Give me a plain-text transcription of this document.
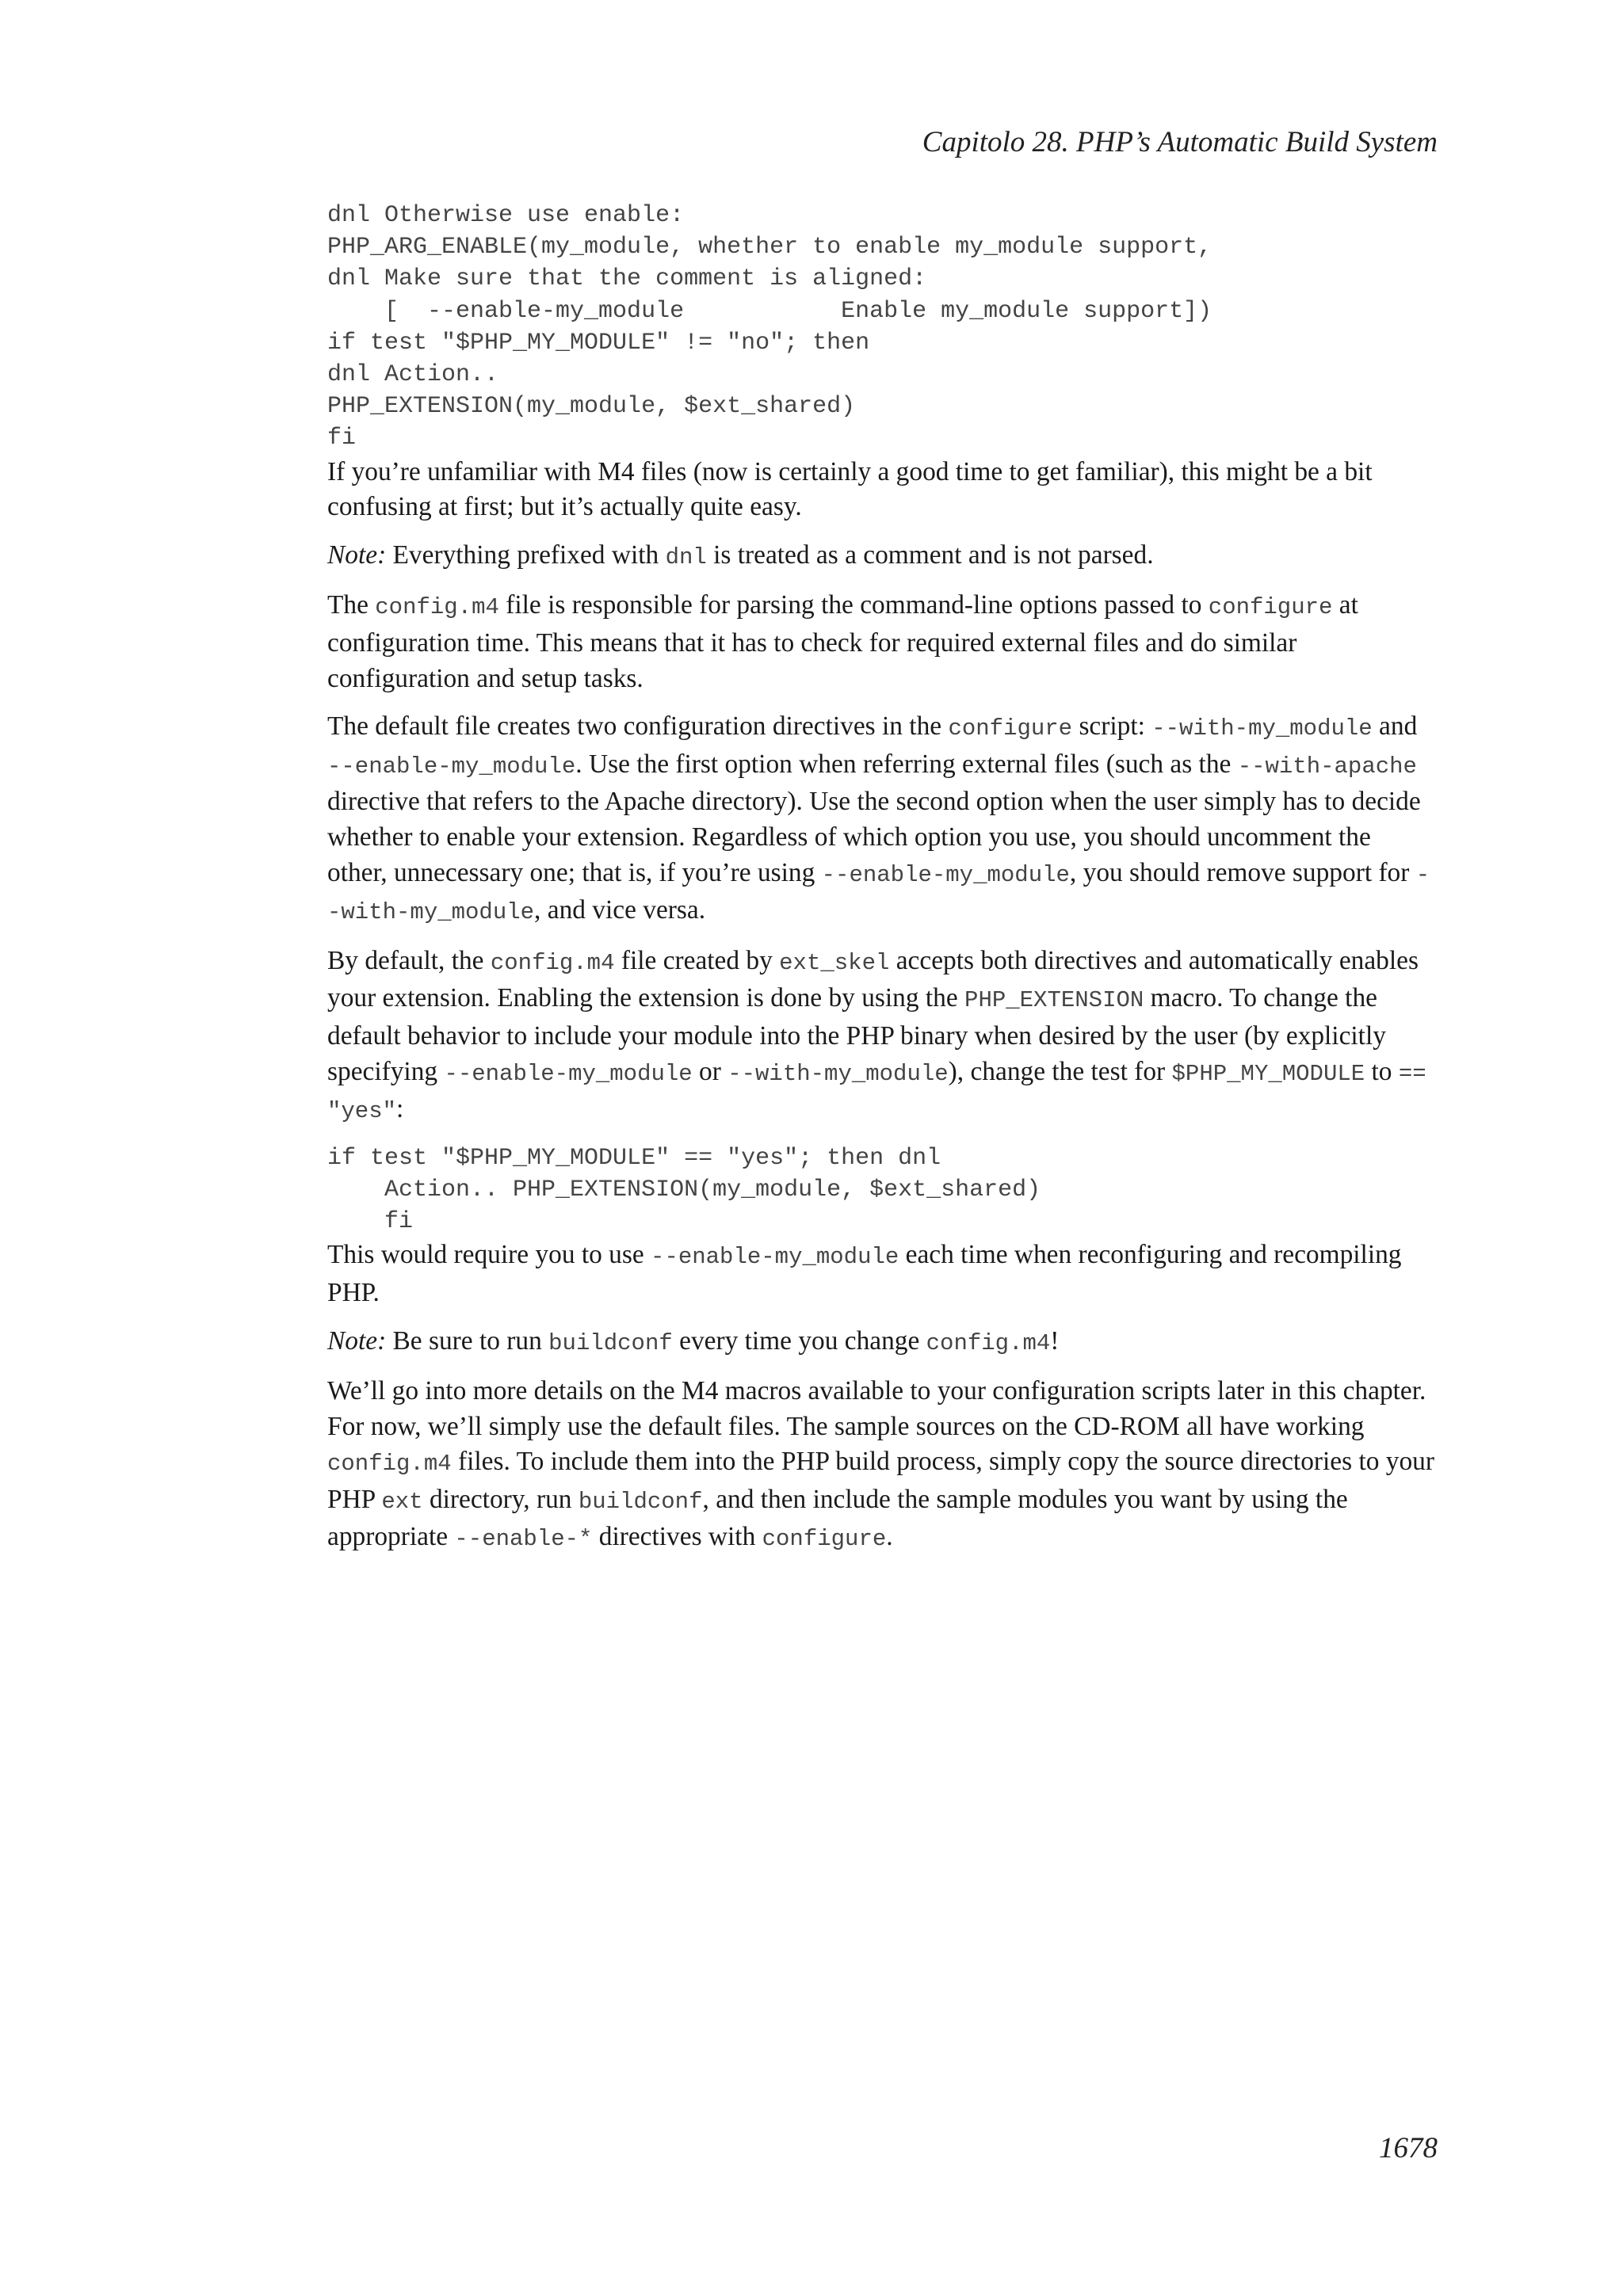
Capitolo 28. PHP’s Automatic Build System
dnl Otherwise use enable:
PHP_ARG_ENABLE(my_module, whether to enable my_module support,
dnl Make sure that the comment is aligned:
[  --enable-my_module           Enable my_module support])
if test "$PHP_MY_MODULE" != "no"; then
dnl Action..
PHP_EXTENSION(my_module, $ext_shared)
fi

If you’re unfamiliar with M4 files (now is certainly a good time to get familiar), this might be a bit confusing at first; but it’s actually quite easy.

Note: Everything prefixed with dnl is treated as a comment and is not parsed.

The config.m4 file is responsible for parsing the command-line options passed to configure at configuration time. This means that it has to check for required external files and do similar configuration and setup tasks.

The default file creates two configuration directives in the configure script: --with-my_module and --enable-my_module. Use the first option when referring external files (such as the --with-apache directive that refers to the Apache directory). Use the second option when the user simply has to decide whether to enable your extension. Regardless of which option you use, you should uncomment the other, unnecessary one; that is, if you’re using --enable-my_module, you should remove support for --with-my_module, and vice versa.

By default, the config.m4 file created by ext_skel accepts both directives and automatically enables your extension. Enabling the extension is done by using the PHP_EXTENSION macro. To change the default behavior to include your module into the PHP binary when desired by the user (by explicitly specifying --enable-my_module or --with-my_module), change the test for $PHP_MY_MODULE to == "yes":

if test "$PHP_MY_MODULE" == "yes"; then dnl
Action.. PHP_EXTENSION(my_module, $ext_shared)
fi

This would require you to use --enable-my_module each time when reconfiguring and recompiling PHP.

Note: Be sure to run buildconf every time you change config.m4!

We’ll go into more details on the M4 macros available to your configuration scripts later in this chapter. For now, we’ll simply use the default files. The sample sources on the CD-ROM all have working config.m4 files. To include them into the PHP build process, simply copy the source directories to your PHP ext directory, run buildconf, and then include the sample modules you want by using the appropriate --enable-* directives with configure.

1678
